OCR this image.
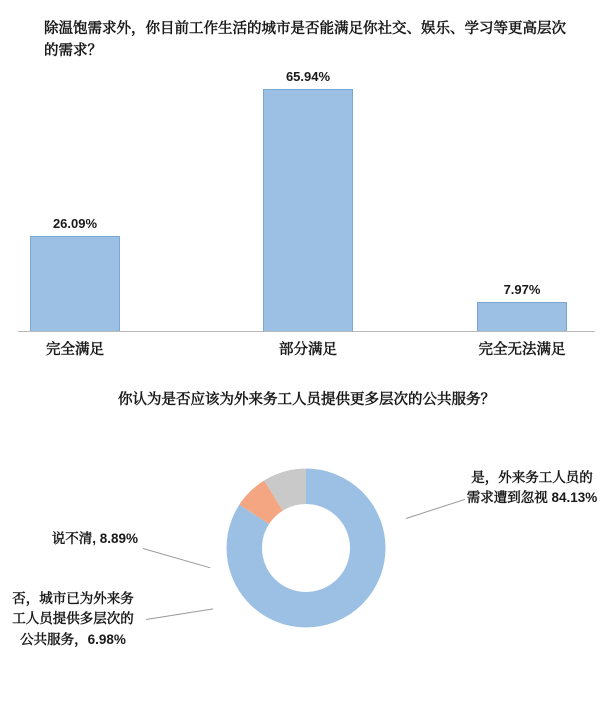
除温饱需求外，你目前工作生活的城市是否能满足你社交、娱乐、学习等更高层次的需求？
26.09%
65.94%
7.97%
完全满足	部分满足	完全无法满足
你认为是否应该为外来务工人员提供更多层次的公共服务？
是，外来务工人员的需求遭到忽视 84.13%
说不清, 8.89%
否，城市已为外来务工人员提供多层次的公共服务，6.98%
